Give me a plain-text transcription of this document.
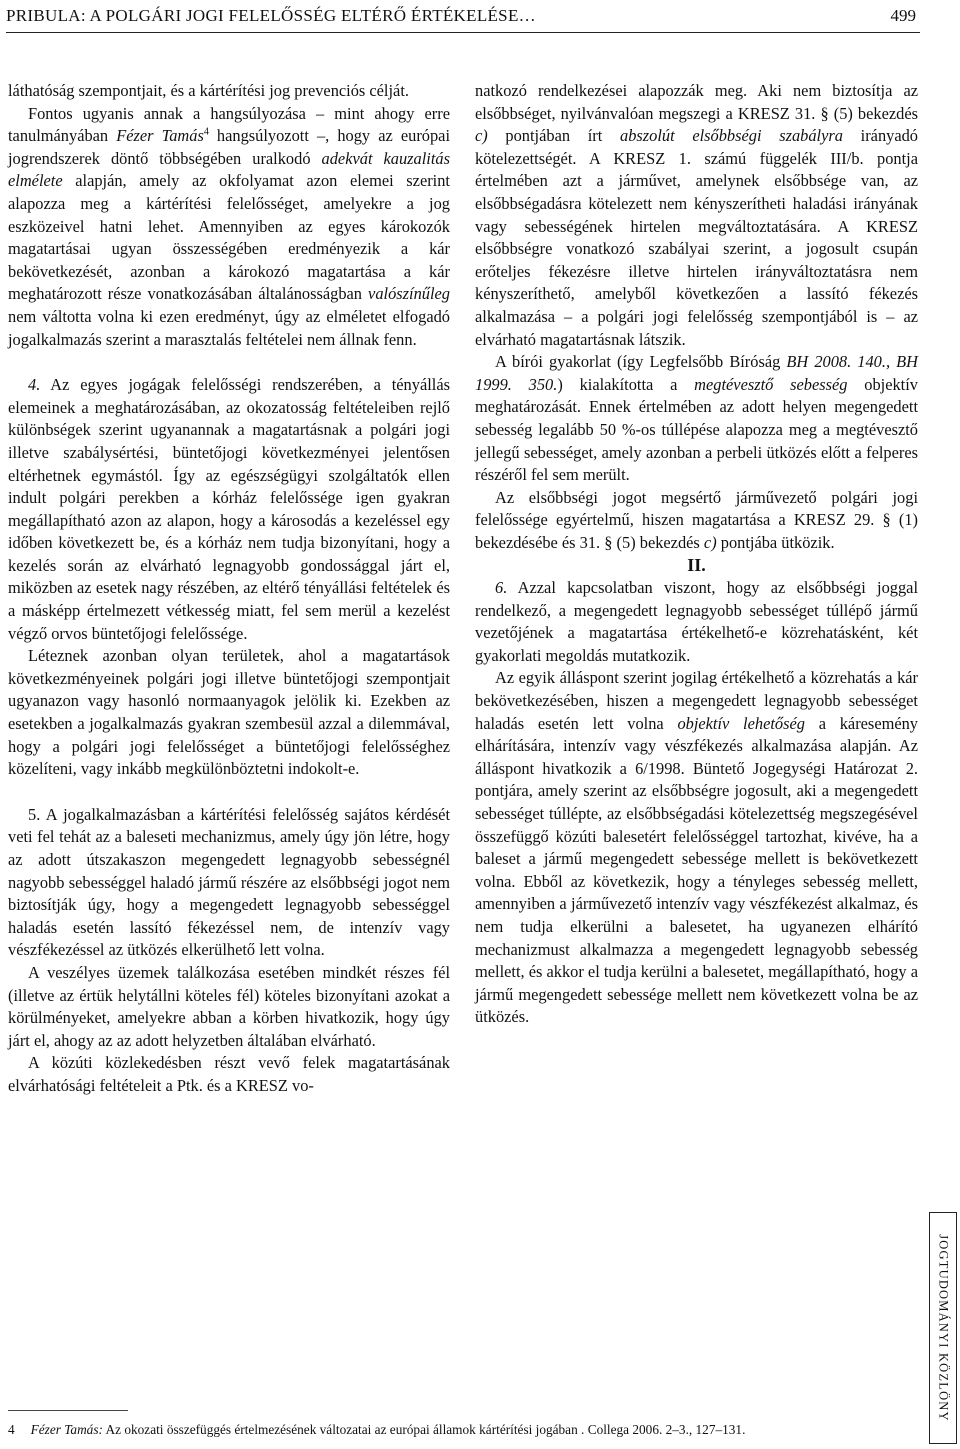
PRIBULA: A POLGÁRI JOGI FELELŐSSÉG ELTÉRŐ ÉRTÉKELÉSE…	499

láthatóság szempontjait, és a kártérítési jog prevenciós célját.

Fontos ugyanis annak a hangsúlyozása – mint ahogy erre tanulmányában Fézer Tamás$^4$ hangsúlyozott –, hogy az európai jogrendszerek döntő többségében uralkodó adekvát kauzalitás elmélete alapján, amely az okfolyamat azon elemei szerint alapozza meg a kártérítési felelősséget, amelyekre a jog eszközeivel hatni lehet. Amennyiben az egyes károkozók magatartásai ugyan összességében eredményezik a kár bekövetkezését, azonban a károkozó magatartása a kár meghatározott része vonatkozásában általánosságban valószínűleg nem váltotta volna ki ezen eredményt, úgy az elméletet elfogadó jogalkalmazás szerint a marasztalás feltételei nem állnak fenn.

4. Az egyes jogágak felelősségi rendszerében, a tényállás elemeinek a meghatározásában, az okozatosság feltételeiben rejlő különbségek szerint ugyanannak a magatartásnak a polgári jogi illetve szabálysértési, büntetőjogi következményei jelentősen eltérhetnek egymástól. Így az egészségügyi szolgáltatók ellen indult polgári perekben a kórház felelőssége igen gyakran megállapítható azon az alapon, hogy a károsodás a kezeléssel egy időben következett be, és a kórház nem tudja bizonyítani, hogy a kezelés során az elvárható legnagyobb gondossággal járt el, miközben az esetek nagy részében, az eltérő tényállási feltételek és a másképp értelmezett vétkesség miatt, fel sem merül a kezelést végző orvos büntetőjogi felelőssége.

Léteznek azonban olyan területek, ahol a magatartások következményeinek polgári jogi illetve büntetőjogi szempontjait ugyanazon vagy hasonló normaanyagok jelölik ki. Ezekben az esetekben a jogalkalmazás gyakran szembesül azzal a dilemmával, hogy a polgári jogi felelősséget a büntetőjogi felelősséghez közelíteni, vagy inkább megkülönböztetni indokolt-e.

5. A jogalkalmazásban a kártérítési felelősség sajátos kérdését veti fel tehát az a baleseti mechanizmus, amely úgy jön létre, hogy az adott útszakaszon megengedett legnagyobb sebességnél nagyobb sebességgel haladó jármű részére az elsőbbségi jogot nem biztosítják úgy, hogy a megengedett legnagyobb sebességgel haladás esetén lassító fékezéssel nem, de intenzív vagy vészfékezéssel az ütközés elkerülhető lett volna.

A veszélyes üzemek találkozása esetében mindkét részes fél (illetve az értük helytállni köteles fél) köteles bizonyítani azokat a körülményeket, amelyekre abban a körben hivatkozik, hogy úgy járt el, ahogy az az adott helyzetben általában elvárható.

A közúti közlekedésben részt vevő felek magatartásának elvárhatósági feltételeit a Ptk. és a KRESZ vo-

natkozó rendelkezései alapozzák meg. Aki nem biztosítja az elsőbbséget, nyilvánvalóan megszegi a KRESZ 31. § (5) bekezdés c) pontjában írt abszolút elsőbbségi szabályra irányadó kötelezettségét. A KRESZ 1. számú függelék III/b. pontja értelmében azt a járművet, amelynek elsőbbsége van, az elsőbbségadásra kötelezett nem kényszerítheti haladási irányának vagy sebességének hirtelen megváltoztatására. A KRESZ elsőbbségre vonatkozó szabályai szerint, a jogosult csupán erőteljes fékezésre illetve hirtelen irányváltoztatásra nem kényszeríthető, amelyből következően a lassító fékezés alkalmazása – a polgári jogi felelősség szempontjából is – az elvárható magatartásnak látszik.

A bírói gyakorlat (így Legfelsőbb Bíróság BH 2008. 140., BH 1999. 350.) kialakította a megtévesztő sebesség objektív meghatározását. Ennek értelmében az adott helyen megengedett sebesség legalább 50 %-os túllépése alapozza meg a megtévesztő jellegű sebességet, amely azonban a perbeli ütközés előtt a felperes részéről fel sem merült.

Az elsőbbségi jogot megsértő járművezető polgári jogi felelőssége egyértelmű, hiszen magatartása a KRESZ 29. § (1) bekezdésébe és 31. § (5) bekezdés c) pontjába ütközik.

II.

6. Azzal kapcsolatban viszont, hogy az elsőbbségi joggal rendelkező, a megengedett legnagyobb sebességet túllépő jármű vezetőjének a magatartása értékelhető-e közrehatásként, két gyakorlati megoldás mutatkozik.

Az egyik álláspont szerint jogilag értékelhető a közrehatás a kár bekövetkezésében, hiszen a megengedett legnagyobb sebességet haladás esetén lett volna objektív lehetőség a káresemény elhárítására, intenzív vagy vészfékezés alkalmazása alapján. Az álláspont hivatkozik a 6/1998. Büntető Jogegységi Határozat 2. pontjára, amely szerint az elsőbbségre jogosult, aki a megengedett sebességet túllépte, az elsőbbségadási kötelezettség megszegésével összefüggő közúti balesetért felelősséggel tartozhat, kivéve, ha a baleset a jármű megengedett sebessége mellett is bekövetkezett volna. Ebből az következik, hogy a tényleges sebesség mellett, amennyiben a járművezető intenzív vagy vészfékezést alkalmaz, és nem tudja elkerülni a balesetet, ha ugyanezen elhárító mechanizmust alkalmazza a megengedett legnagyobb sebesség mellett, és akkor el tudja kerülni a balesetet, megállapítható, hogy a jármű megengedett sebessége mellett nem következett volna be az ütközés.

JOGTUDOMÁNYI KÖZLÖNY
4 Fézer Tamás: Az okozati összefüggés értelmezésének változatai az európai államok kártérítési jogában . Collega 2006. 2–3., 127–131.
